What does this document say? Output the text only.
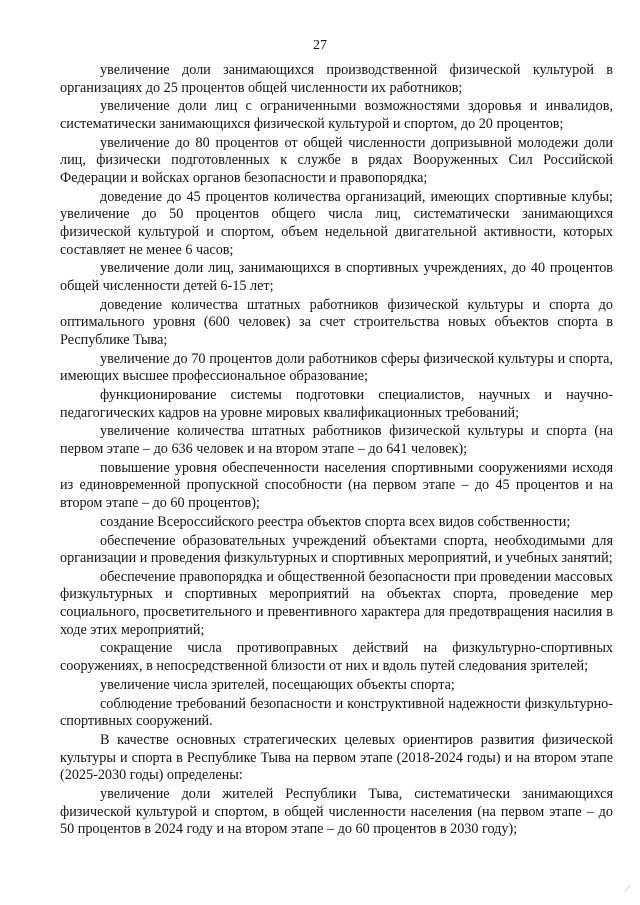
27

увеличение доли занимающихся производственной физической культурой в организациях до 25 процентов общей численности их работников;

увеличение доли лиц с ограниченными возможностями здоровья и инвалидов, систематически занимающихся физической культурой и спортом, до 20 процентов;

увеличение до 80 процентов от общей численности допризывной молодежи доли лиц, физически подготовленных к службе в рядах Вооруженных Сил Российской Федерации и войсках органов безопасности и правопорядка;

доведение до 45 процентов количества организаций, имеющих спортивные клубы; увеличение до 50 процентов общего числа лиц, систематически занимающихся физической культурой и спортом, объем недельной двигательной активности, которых составляет не менее 6 часов;

увеличение доли лиц, занимающихся в спортивных учреждениях, до 40 процентов общей численности детей 6-15 лет;

доведение количества штатных работников физической культуры и спорта до оптимального уровня (600 человек) за счет строительства новых объектов спорта в Республике Тыва;

увеличение до 70 процентов доли работников сферы физической культуры и спорта, имеющих высшее профессиональное образование;

функционирование системы подготовки специалистов, научных и научно-педагогических кадров на уровне мировых квалификационных требований;

увеличение количества штатных работников физической культуры и спорта (на первом этапе – до 636 человек и на втором этапе – до 641 человек);

повышение уровня обеспеченности населения спортивными сооружениями исходя из единовременной пропускной способности (на первом этапе – до 45 процентов и на втором этапе – до 60 процентов);

создание Всероссийского реестра объектов спорта всех видов собственности;

обеспечение образовательных учреждений объектами спорта, необходимыми для организации и проведения физкультурных и спортивных мероприятий, и учебных занятий;

обеспечение правопорядка и общественной безопасности при проведении массовых физкультурных и спортивных мероприятий на объектах спорта, проведение мер социального, просветительного и превентивного характера для предотвращения насилия в ходе этих мероприятий;

сокращение числа противоправных действий на физкультурно-спортивных сооружениях, в непосредственной близости от них и вдоль путей следования зрителей;

увеличение числа зрителей, посещающих объекты спорта;

соблюдение требований безопасности и конструктивной надежности физкультурно-спортивных сооружений.

В качестве основных стратегических целевых ориентиров развития физической культуры и спорта в Республике Тыва на первом этапе (2018-2024 годы) и на втором этапе (2025-2030 годы) определены:

увеличение доли жителей Республики Тыва, систематически занимающихся физической культурой и спортом, в общей численности населения (на первом этапе – до 50 процентов в 2024 году и на втором этапе – до 60 процентов в 2030 году);

∕
